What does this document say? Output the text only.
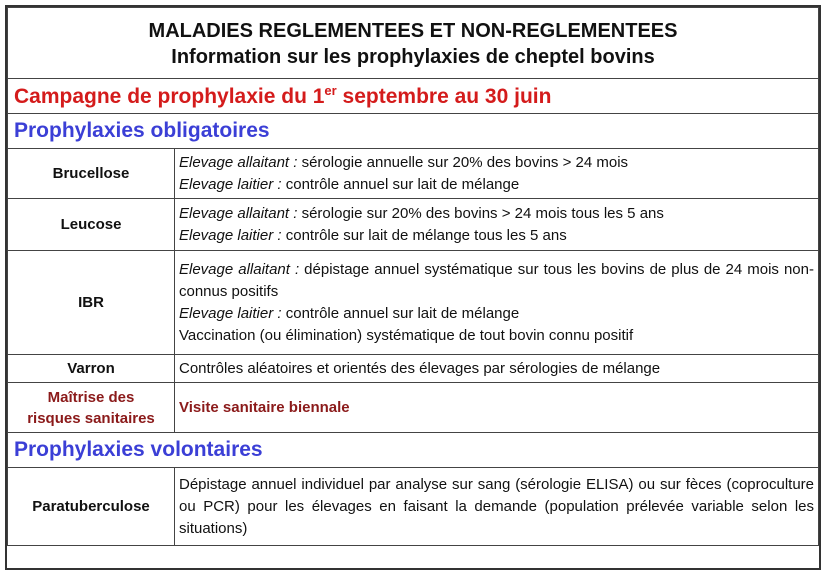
MALADIES REGLEMENTEES ET NON-REGLEMENTEES
Information sur les prophylaxies de cheptel bovins	

Campagne de prophylaxie du 1er septembre au 30 juin	
Prophylaxies obligatoires	
Brucellose	Elevage allaitant : sérologie annuelle sur 20% des bovins > 24 mois
Elevage laitier : contrôle annuel sur lait de mélange

Leucose	Elevage allaitant : sérologie sur 20% des bovins > 24 mois tous les 5 ans
Elevage laitier : contrôle sur lait de mélange tous les 5 ans

IBR	Elevage allaitant : dépistage annuel systématique sur tous les bovins de plus de 24 mois non-connus positifs
Elevage laitier : contrôle annuel sur lait de mélange
Vaccination (ou élimination) systématique de tout bovin connu positif

Varron	Contrôles aléatoires et orientés des élevages par sérologies de mélange

Maîtrise des
risques sanitaires	Visite sanitaire biennale

Prophylaxies volontaires	
Paratuberculose	Dépistage annuel individuel par analyse sur sang (sérologie ELISA) ou sur fèces (coproculture ou PCR) pour les élevages en faisant la demande (population prélevée variable selon les situations)
